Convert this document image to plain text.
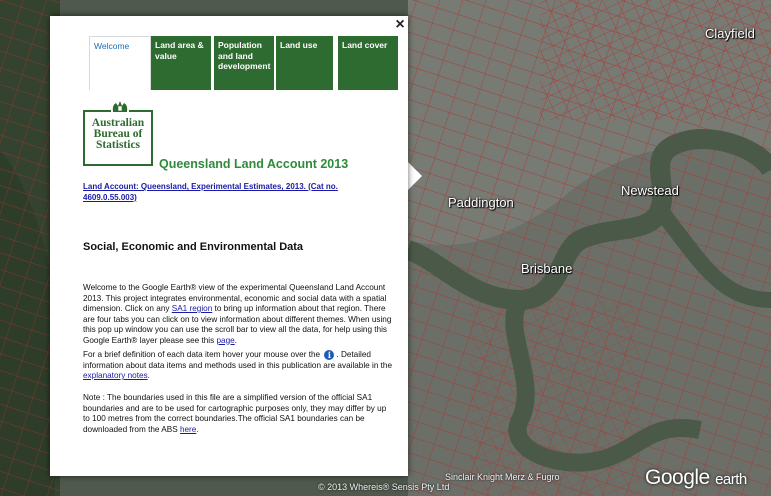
Clayfield
Paddington
Newstead
Brisbane
Sinclair Knight Merz & Fugro
© 2013 Whereis® Sensis Pty Ltd	Google earth
Welcome	Land area & value
Population and land development
Land use	Land cover
Australian
Bureau of
Statistics
Queensland Land Account 2013
Land Account: Queensland, Experimental Estimates, 2013. (Cat no. 4609.0.55.003)
Social, Economic and Environmental Data
Welcome to the Google Earth® view of the experimental Queensland Land Account 2013. This project integrates environmental, economic and social data with a spatial dimension. Click on any SA1 region to bring up information about that region. There are four tabs you can click on to view information about different themes. When using this pop up window you can use the scroll bar to view all the data, for help using this Google Earth® layer please see this page.
For a brief definition of each data item hover your mouse over the i . Detailed information about data items and methods used in this publication are available in the explanatory notes.
Note : The boundaries used in this file are a simplified version of the official SA1 boundaries and are to be used for cartographic purposes only, they may differ by up to 100 metres from the correct boundaries.The official SA1 boundaries can be downloaded from the ABS here.
×
